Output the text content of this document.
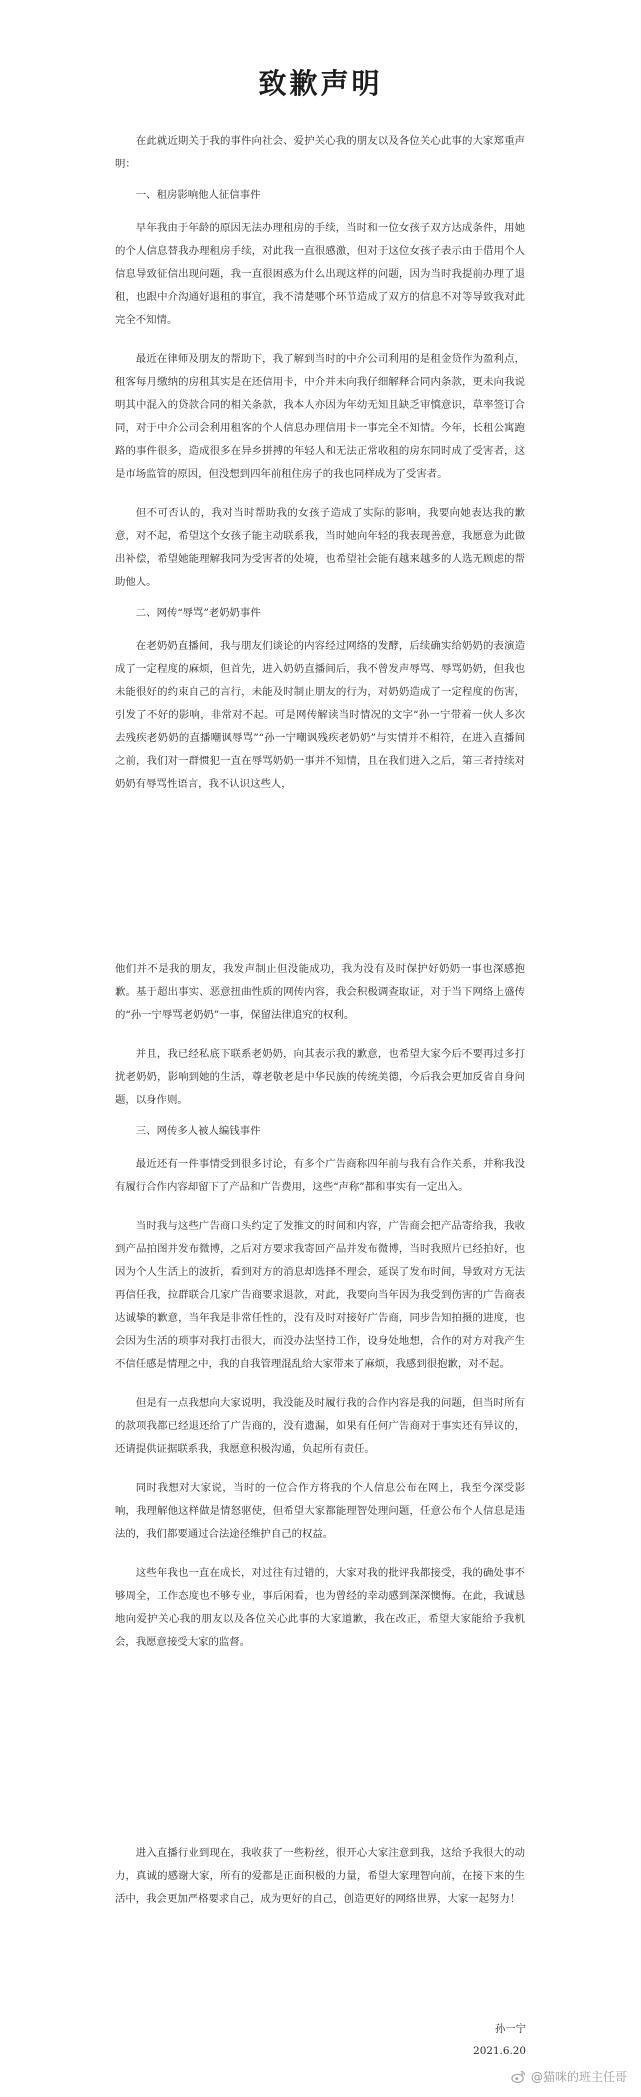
致歉声明

在此就近期关于我的事件向社会、爱护关心我的朋友以及各位关心此事的大家郑重声明：

一、租房影响他人征信事件

早年我由于年龄的原因无法办理租房的手续，当时和一位女孩子双方达成条件，用她的个人信息替我办理租房手续，对此我一直很感激，但对于这位女孩子表示由于借用个人信息导致征信出现问题，我一直很困惑为什么出现这样的问题，因为当时我提前办理了退租，也跟中介沟通好退租的事宜，我不清楚哪个环节造成了双方的信息不对等导致我对此完全不知情。

最近在律师及朋友的帮助下，我了解到当时的中介公司利用的是租金贷作为盈利点，租客每月缴纳的房租其实是在还信用卡，中介并未向我仔细解释合同内条款，更未向我说明其中混入的贷款合同的相关条款，我本人亦因为年幼无知且缺乏审慎意识，草率签订合同，对于中介公司会利用租客的个人信息办理信用卡一事完全不知情。今年，长租公寓跑路的事件很多，造成很多在异乡拼搏的年轻人和无法正常收租的房东同时成了受害者，这是市场监管的原因，但没想到四年前租住房子的我也同样成为了受害者。

但不可否认的，我对当时帮助我的女孩子造成了实际的影响，我要向她表达我的歉意，对不起，希望这个女孩子能主动联系我，当时她向年轻的我表现善意，我愿意为此做出补偿，希望她能理解我同为受害者的处境，也希望社会能有越来越多的人选无顾虑的帮助他人。

二、网传“辱骂”老奶奶事件

在老奶奶直播间，我与朋友们谈论的内容经过网络的发酵，后续确实给奶奶的表演造成了一定程度的麻烦，但首先，进入奶奶直播间后，我不曾发声辱骂、辱骂奶奶，但我也未能很好的约束自己的言行，未能及时制止朋友的行为，对奶奶造成了一定程度的伤害，引发了不好的影响，非常对不起。可是网传解读当时情况的文字“孙一宁带着一伙人多次去残疾老奶奶的直播嘲讽辱骂”“孙一宁嘲讽残疾老奶奶”与实情并不相符，在进入直播间之前，我们对一群惯犯一直在辱骂奶奶一事并不知情，且在我们进入之后，第三者持续对奶奶有辱骂性语言，我不认识这些人，

他们并不是我的朋友，我发声制止但没能成功，我为没有及时保护好奶奶一事也深感抱歉。基于超出事实、恶意扭曲性质的网传内容，我会积极调查取证，对于当下网络上盛传的“孙一宁辱骂老奶奶”一事，保留法律追究的权利。

并且，我已经私底下联系老奶奶，向其表示我的歉意，也希望大家今后不要再过多打扰老奶奶，影响到她的生活，尊老敬老是中华民族的传统美德，今后我会更加反省自身问题，以身作则。

三、网传多人被人编钱事件

最近还有一件事情受到很多讨论，有多个广告商称四年前与我有合作关系，并称我没有履行合作内容却留下了产品和广告费用，这些“声称”都和事实有一定出入。

当时我与这些广告商口头约定了发推文的时间和内容，广告商会把产品寄给我，我收到产品拍图并发布微博，之后对方要求我寄回产品并发布微博，当时我照片已经拍好，也因为个人生活上的波折，看到对方的消息却选择不理会，延误了发布时间，导致对方无法再信任我，拉群联合几家广告商要求退款，对此，我要向当年因为我受到伤害的广告商表达诚挚的歉意，当年我是非常任性的，没有及时对接好广告商，同步告知拍摄的进度，也会因为生活的琐事对我打击很大，而没办法坚持工作，设身处地想，合作的对方对我产生不信任感是情理之中，我的自我管理混乱给大家带来了麻烦，我感到很抱歉，对不起。

但是有一点我想向大家说明，我没能及时履行我的合作内容是我的问题，但当时所有的款项我都已经退还给了广告商的，没有遗漏，如果有任何广告商对于事实还有异议的，还请提供证据联系我，我愿意积极沟通，负起所有责任。

同时我想对大家说，当时的一位合作方将我的个人信息公布在网上，我至今深受影响，我理解他这样做是情怒驱使，但希望大家都能理智处理问题，任意公布个人信息是违法的，我们都要通过合法途径维护自己的权益。

这些年我也一直在成长，对过往有过错的，大家对我的批评我都接受，我的确处事不够周全，工作态度也不够专业，事后闲看，也为曾经的幸动感到深深懊悔。在此，我诚恳地向爱护关心我的朋友以及各位关心此事的大家道歉，我在改正，希望大家能给予我机会，我愿意接受大家的监督。

进入直播行业到现在，我收获了一些粉丝，很开心大家注意到我，这给予我很大的动力，真诚的感谢大家，所有的爱都是正面积极的力量，希望大家理智向前，在接下来的生活中，我会更加严格要求自己，成为更好的自己，创造更好的网络世界，大家一起努力！

孙一宁
2021.6.20
@猫咪的班主任哥
